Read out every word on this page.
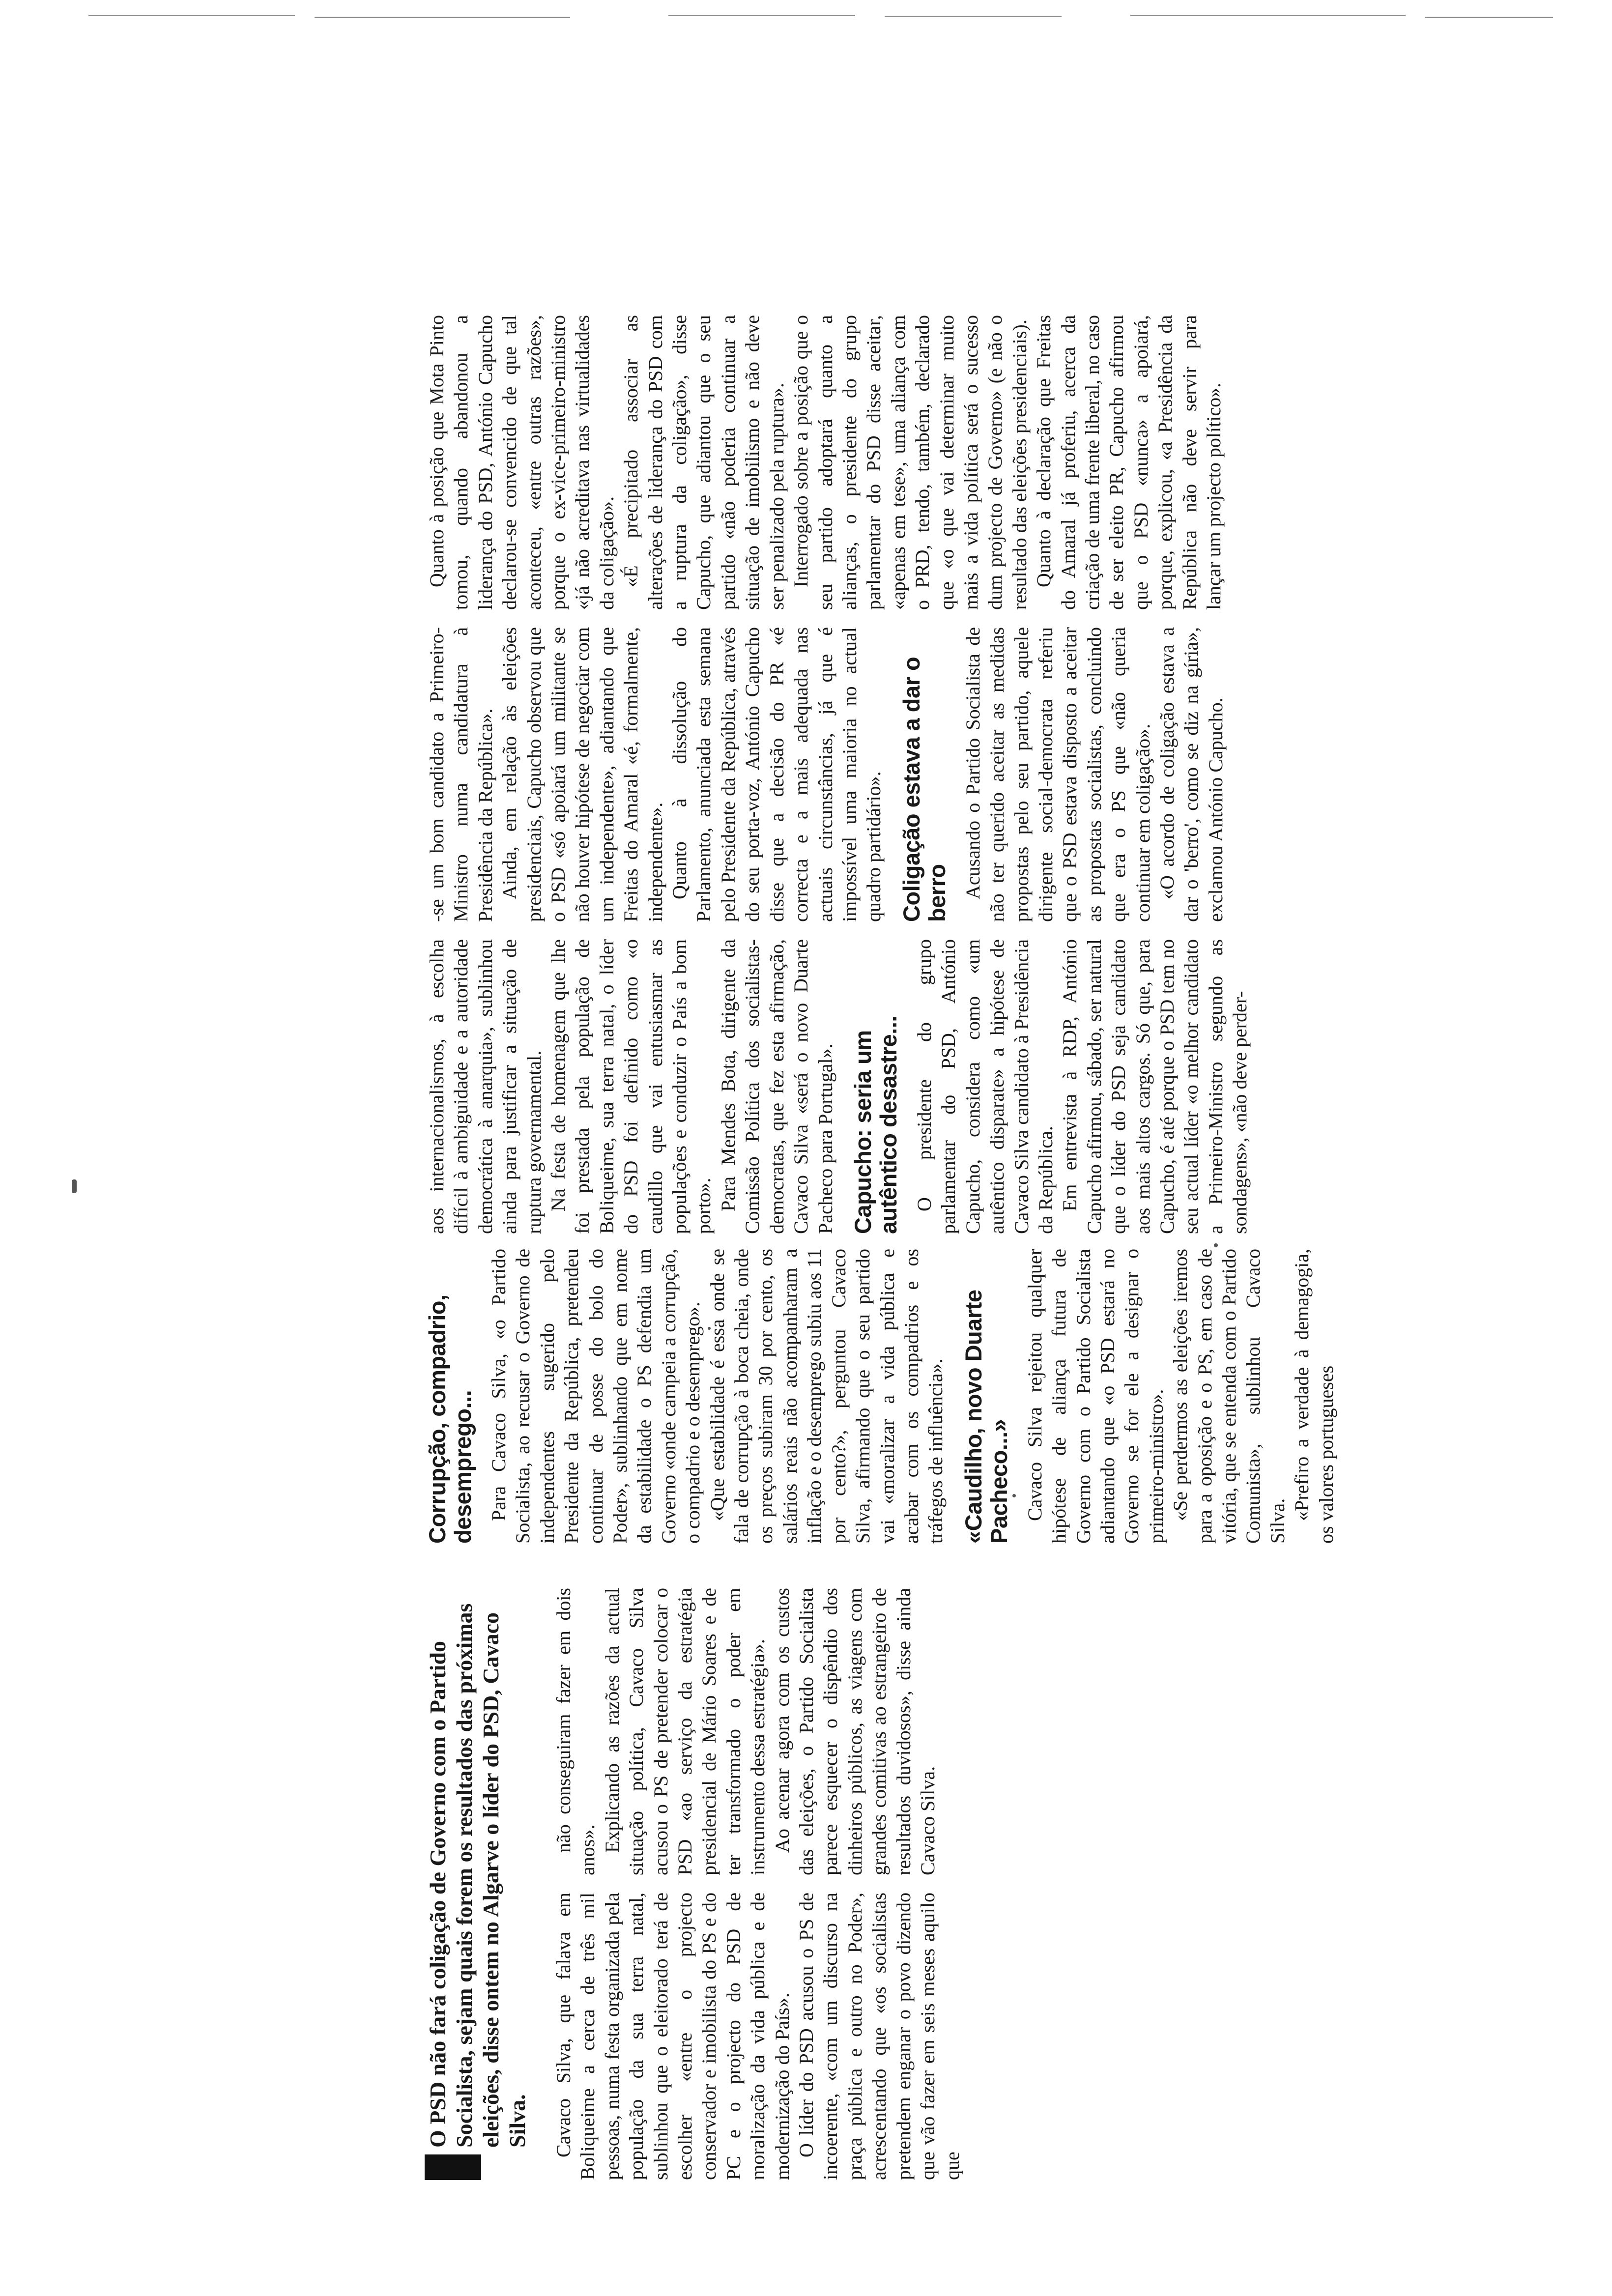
Cavaco Silva, que falava em Boliqueime a cerca de três mil pessoas, numa festa organizada pela população da sua terra natal, sublinhou que o eleitorado terá de escolher «entre o projecto conservador e imobilista do PS e do PC e o projecto do PSD de moralização da vida pública e de modernização do País». O líder do PSD acusou o PS de incoerente, «com um discurso na praça pública e outro no Poder», acrescentando que «os socialistas pretendem enganar o povo dizendo que vão fazer em seis meses aquilo que

O PSD não fará coligação de Governo com o Partido Socialista, sejam quais forem os resultados das próximas eleições, disse ontem no Algarve o líder do PSD, Cavaco Silva.

não conseguiram fazer em dois anos». Explicando as razões da actual situação política, Cavaco Silva acusou o PS de pretender colocar o PSD «ao serviço da estratégia presidencial de Mário Soares e de ter transformado o poder em instrumento dessa estratégia». Ao acenar agora com os custos das eleições, o Partido Socialista parece esquecer o dispêndio dos dinheiros públicos, as viagens com grandes comitivas ao estrangeiro de resultados duvidosos», disse ainda Cavaco Silva.

Corrupção, compadrio, desemprego... Para Cavaco Silva, «o Partido Socialista, ao recusar o Governo de independentes sugerido pelo Presidente da República, pretendeu continuar de posse do bolo do Poder», sublinhando que em nome da estabilidade o PS defendia um Governo «onde campeia a corrupção, o compadrio e o desemprego». «Que estabilidade é essa onde se fala de corrupção à boca cheia, onde os preços subiram 30 por cento, os salários reais não acompanharam a inflação e o desemprego subiu aos 11 por cento?», perguntou Cavaco Silva, afirmando que o seu partido vai «moralizar a vida pública e acabar com os compadrios e os tráfegos de influência». «Caudilho, novo Duarte Pacheco...» Cavaco Silva rejeitou qualquer hipótese de aliança futura de Governo com o Partido Socialista adiantando que «o PSD estará no Governo se for ele a designar o primeiro-ministro». «Se perdermos as eleições iremos para a oposição e o PS, em caso de vitória, que se entenda com o Partido Comunista», sublinhou Cavaco Silva. «Prefiro a verdade à demagogia, os valores portugueses

aos internacionalismos, à escolha difícil à ambiguidade e a autoridade democrática à anarquia», sublinhou ainda para justificar a situação de ruptura governamental. Na festa de homenagem que lhe foi prestada pela população de Boliqueime, sua terra natal, o líder do PSD foi definido como «o caudillo que vai entusiasmar as populações e conduzir o País a bom porto». Para Mendes Bota, dirigente da Comissão Política dos socialistas-democratas, que fez esta afirmação, Cavaco Silva «será o novo Duarte Pacheco para Portugal». Capucho: seria um autêntico desastre... O presidente do grupo parlamentar do PSD, António Capucho, considera como «um autêntico disparate» a hipótese de Cavaco Silva candidato à Presidência da República. Em entrevista à RDP, António Capucho afirmou, sábado, ser natural que o líder do PSD seja candidato aos mais altos cargos. Só que, para Capucho, é até porque o PSD tem no seu actual líder «o melhor candidato a Primeiro-Ministro segundo as sondagens», «não deve perder-

-se um bom candidato a Primeiro-Ministro numa candidatura à Presidência da República». Ainda, em relação às eleições presidenciais, Capucho observou que o PSD «só apoiará um militante se não houver hipótese de negociar com um independente», adiantando que Freitas do Amaral «é, formalmente, independente». Quanto à dissolução do Parlamento, anunciada esta semana pelo Presidente da República, através do seu porta-voz, António Capucho disse que a decisão do PR «é correcta e a mais adequada nas actuais circunstâncias, já que é impossível uma maioria no actual quadro partidário». Coligação estava a dar o berro Acusando o Partido Socialista de não ter querido aceitar as medidas propostas pelo seu partido, aquele dirigente social-democrata referiu que o PSD estava disposto a aceitar as propostas socialistas, concluindo que era o PS que «não queria continuar em coligação». «O acordo de coligação estava a dar o 'berro', como se diz na gíria», exclamou António Capucho.

Quanto à posição que Mota Pinto tomou, quando abandonou a liderança do PSD, António Capucho declarou-se convencido de que tal aconteceu, «entre outras razões», porque o ex-vice-primeiro-ministro «já não acreditava nas virtualidades da coligação». «É precipitado associar as alterações de liderança do PSD com a ruptura da coligação», disse Capucho, que adiantou que o seu partido «não poderia continuar a situação de imobilismo e não deve ser penalizado pela ruptura». Interrogado sobre a posição que o seu partido adoptará quanto a alianças, o presidente do grupo parlamentar do PSD disse aceitar, «apenas em tese», uma aliança com o PRD, tendo, também, declarado que «o que vai determinar muito mais a vida política será o sucesso dum projecto de Governo» (e não o resultado das eleições presidenciais). Quanto à declaração que Freitas do Amaral já proferiu, acerca da criação de uma frente liberal, no caso de ser eleito PR, Capucho afirmou que o PSD «nunca» a apoiará, porque, explicou, «a Presidência da República não deve servir para lançar um projecto político».
